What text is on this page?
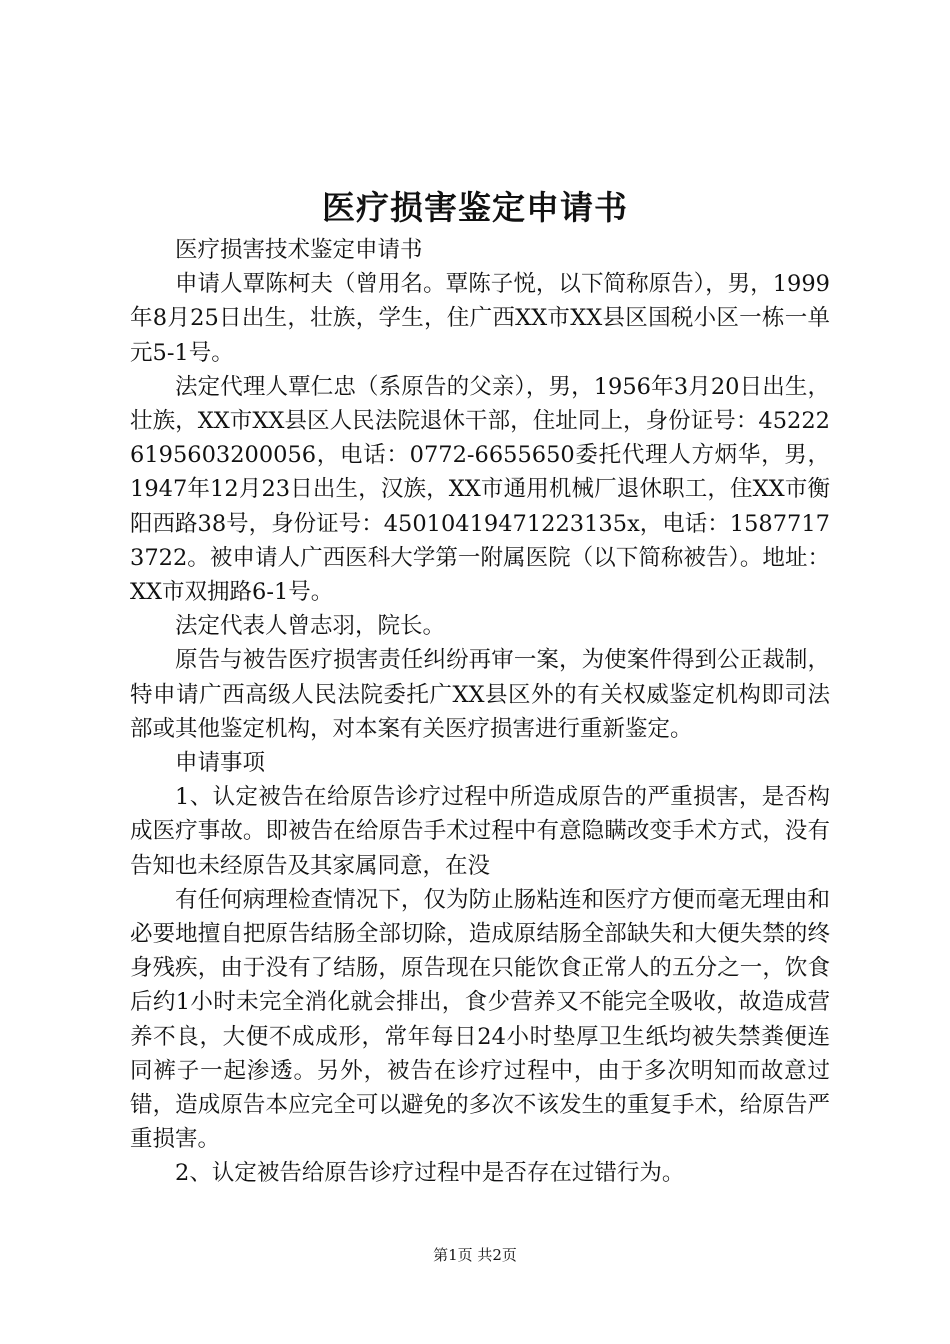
医疗损害鉴定申请书

医疗损害技术鉴定申请书

申请人覃陈柯夫（曾用名。覃陈子悦，以下简称原告），男，1999年8月25日出生，壮族，学生，住广西XX市XX县区国税小区一栋一单元5-1号。

法定代理人覃仁忠（系原告的父亲），男，1956年3月20日出生，壮族，XX市XX县区人民法院退休干部，住址同上，身份证号：452226195603200056，电话：0772-6655650委托代理人方炳华，男，1947年12月23日出生，汉族，XX市通用机械厂退休职工，住XX市衡阳西路38号，身份证号：45010419471223135x，电话：15877173722。被申请人广西医科大学第一附属医院（以下简称被告）。地址：XX市双拥路6-1号。

法定代表人曾志羽，院长。

原告与被告医疗损害责任纠纷再审一案，为使案件得到公正裁制，特申请广西高级人民法院委托广XX县区外的有关权威鉴定机构即司法部或其他鉴定机构，对本案有关医疗损害进行重新鉴定。

申请事项

1、认定被告在给原告诊疗过程中所造成原告的严重损害，是否构成医疗事故。即被告在给原告手术过程中有意隐瞒改变手术方式，没有告知也未经原告及其家属同意，在没

有任何病理检查情况下，仅为防止肠粘连和医疗方便而毫无理由和必要地擅自把原告结肠全部切除，造成原结肠全部缺失和大便失禁的终身残疾，由于没有了结肠，原告现在只能饮食正常人的五分之一，饮食后约1小时未完全消化就会排出，食少营养又不能完全吸收，故造成营养不良，大便不成成形，常年每日24小时垫厚卫生纸均被失禁粪便连同裤子一起渗透。另外，被告在诊疗过程中，由于多次明知而故意过错，造成原告本应完全可以避免的多次不该发生的重复手术，给原告严重损害。

2、认定被告给原告诊疗过程中是否存在过错行为。

第1页 共2页
